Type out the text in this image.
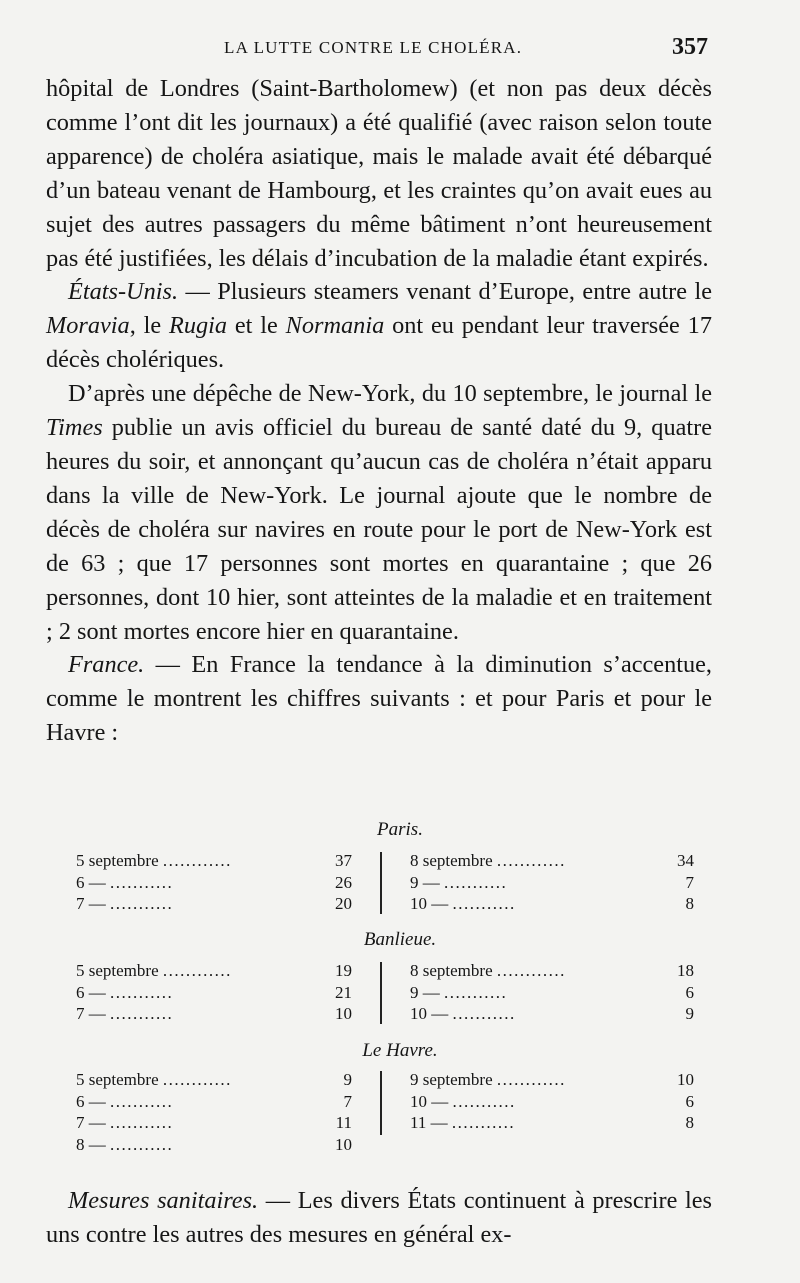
LA LUTTE CONTRE LE CHOLÉRA.	357

hôpital de Londres (Saint-Bartholomew) (et non pas deux décès comme l’ont dit les journaux) a été qualifié (avec raison selon toute apparence) de choléra asiatique, mais le malade avait été débarqué d’un bateau venant de Hambourg, et les craintes qu’on avait eues au sujet des autres passagers du même bâtiment n’ont heureusement pas été justifiées, les délais d’incubation de la maladie étant expirés.

États-Unis. — Plusieurs steamers venant d’Europe, entre autre le Moravia, le Rugia et le Normania ont eu pendant leur traversée 17 décès cholériques.

D’après une dépêche de New-York, du 10 septembre, le journal le Times publie un avis officiel du bureau de santé daté du 9, quatre heures du soir, et annonçant qu’aucun cas de choléra n’était apparu dans la ville de New-York. Le journal ajoute que le nombre de décès de choléra sur navires en route pour le port de New-York est de 63 ; que 17 personnes sont mortes en quarantaine ; que 26 personnes, dont 10 hier, sont atteintes de la maladie et en traitement ; 2 sont mortes encore hier en quarantaine.

France. — En France la tendance à la diminution s’accentue, comme le montrent les chiffres suivants : et pour Paris et pour le Havre :

Paris.
5 septembre ............	37
6 — ...........	26
7 — ...........	20
8 septembre ............	34
9 — ...........	7
10 — ...........	8
Banlieue.
5 septembre ............	19
6 — ...........	21
7 — ...........	10
8 septembre ............	18
9 — ...........	6
10 — ...........	9
Le Havre.
5 septembre ............	9
6 — ...........	7
7 — ...........	11
8 — ...........	10
9 septembre ............	10
10 — ...........	6
11 — ...........	8

Mesures sanitaires. — Les divers États continuent à prescrire les uns contre les autres des mesures en général ex-
